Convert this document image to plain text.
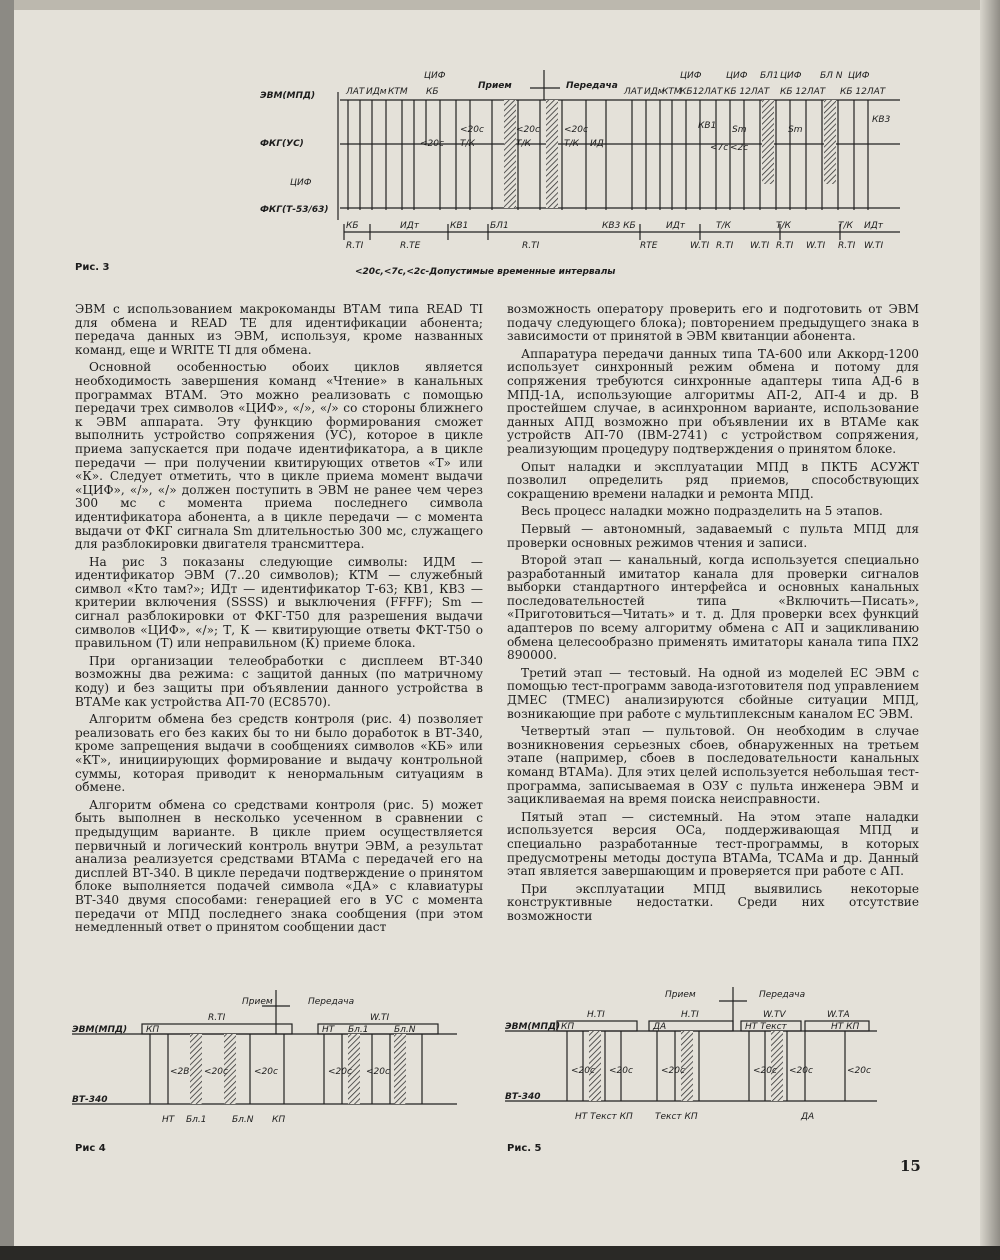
ЭВМ(МПД)
ФКГ(УС)
ФКГ(Т-53/63)
ЦИФ
ЛАТ ИДм КТМ
ЦИФ
КБ
Прием	Передача
ЛАТ ИДм
КТМ
КБ12ЛАТ
ЦИФ	ЦИФ
КБ 12ЛАТ
БЛ1 ЦИФ
КБ 12ЛАТ
БЛ N ЦИФ
КБ 12ЛАТ
<20с
<20с	<20с	<20с
<7с <2с
Т/К	Т/К	Т/К ИД
КВ1 Sm	Sm
КВ3
КБ	ИДт	КВ1 БЛ1	КВ3 КБ	ИДт	Т/К	Т/К	Т/К ИДт
R.TI	R.TE	R.TI	RTE	W.TI R.TI W.TI R.TI W.TI R.TI W.TI
<20с,<7с,<2с-Допустимые временные интервалы
Рис. 3

ЭВМ с использованием макрокоманды ВТАМ типа READ TI для обмена и READ TE для идентификации абонента; передача данных из ЭВМ, используя, кроме названных команд, еще и WRITE TI для обмена.

Основной особенностью обоих циклов является необходимость завершения команд «Чтение» в канальных программах ВТАМ. Это можно реализовать с помощью передачи трех символов «ЦИФ», «/», «/» со стороны ближнего к ЭВМ аппарата. Эту функцию формирования сможет выполнить устройство сопряжения (УС), которое в цикле приема запускается при подаче идентификатора, а в цикле передачи — при получении квитирующих ответов «Т» или «К». Следует отметить, что в цикле приема момент выдачи «ЦИФ», «/», «/» должен поступить в ЭВМ не ранее чем через 300 мс с момента приема последнего символа идентификатора абонента, а в цикле передачи — с момента выдачи от ФКГ сигнала Sm длительностью 300 мс, служащего для разблокировки двигателя трансмиттера.

На рис 3 показаны следующие символы: ИДМ — идентификатор ЭВМ (7..20 символов); КТМ — служебный символ «Кто там?»; ИДт — идентификатор Т-63; КВ1, КВ3 — критерии включения (SSSS) и выключения (FFFF); Sm — сигнал разблокировки от ФКГ-Т50 для разрешения выдачи символов «ЦИФ», «/»; Т, К — квитирующие ответы ФКТ-Т50 о правильном (Т) или неправильном (К) приеме блока.

При организации телеобработки с дисплеем ВТ-340 возможны два режима: с защитой данных (по матричному коду) и без защиты при объявлении данного устройства в ВТАМе как устройства АП-70 (ЕС8570).

Алгоритм обмена без средств контроля (рис. 4) позволяет реализовать его без каких бы то ни было доработок в ВТ-340, кроме запрещения выдачи в сообщениях символов «КБ» или «КТ», инициирующих формирование и выдачу контрольной суммы, которая приводит к ненормальным ситуациям в обмене.

Алгоритм обмена со средствами контроля (рис. 5) может быть выполнен в несколько усеченном в сравнении с предыдущим варианте. В цикле прием осуществляется первичный и логический контроль внутри ЭВМ, а результат анализа реализуется средствами ВТАМа с передачей его на дисплей ВТ-340. В цикле передачи подтверждение о принятом блоке выполняется подачей символа «ДА» с клавиатуры ВТ-340 двумя способами: генерацией его в УС с момента передачи от МПД последнего знака сообщения (при этом немедленный ответ о принятом сообщении даст

возможность оператору проверить его и подготовить от ЭВМ подачу следующего блока); повторением предыдущего знака в зависимости от принятой в ЭВМ квитанции абонента.

Аппаратура передачи данных типа ТА-600 или Аккорд-1200 использует синхронный режим обмена и потому для сопряжения требуются синхронные адаптеры типа АД-6 в МПД-1А, использующие алгоритмы АП-2, АП-4 и др. В простейшем случае, в асинхронном варианте, использование данных АПД возможно при объявлении их в ВТАМе как устройств АП-70 (IBM-2741) с устройством сопряжения, реализующим процедуру подтверждения о принятом блоке.

Опыт наладки и эксплуатации МПД в ПКТБ АСУЖТ позволил определить ряд приемов, способствующих сокращению времени наладки и ремонта МПД.

Весь процесс наладки можно подразделить на 5 этапов.

Первый — автономный, задаваемый с пульта МПД для проверки основных режимов чтения и записи.

Второй этап — канальный, когда используется специально разработанный имитатор канала для проверки сигналов выборки стандартного интерфейса и основных канальных последовательностей типа «Включить—Писать», «Приготовиться—Читать» и т. д. Для проверки всех функций адаптеров по всему алгоритму обмена с АП и зацикливанию обмена целесообразно применять имитаторы канала типа ПХ2 890000.

Третий этап — тестовый. На одной из моделей ЕС ЭВМ с помощью тест-программ завода-изготовителя под управлением ДМЕС (ТМЕС) анализируются сбойные ситуации МПД, возникающие при работе с мультиплексным каналом ЕС ЭВМ.

Четвертый этап — пультовой. Он необходим в случае возникновения серьезных сбоев, обнаруженных на третьем этапе (например, сбоев в последовательности канальных команд ВТАМа). Для этих целей используется небольшая тест-программа, записываемая в ОЗУ с пульта инженера ЭВМ и зацикливаемая на время поиска неисправности.

Пятый этап — системный. На этом этапе наладки используется версия ОСа, поддерживающая МПД и специально разработанные тест-программы, в которых предусмотрены методы доступа ВТАМа, ТСАМа и др. Данный этап является завершающим и проверяется при работе с АП.

При эксплуатации МПД выявились некоторые конструктивные недостатки. Среди них отсутствие возможности

Прием	Передача
ЭВМ(МПД)
ВТ-340
R.TI	W.TI
КП	НТ Бл.1	Бл.N
<2В <20с	<20с	<20с <20с
НТ Бл.1	Бл.N КП
Рис 4
Прием	Передача
ЭВМ(МПД)
ВТ-340
Н.ТI	Н.ТI	W.ТV	W.ТА
КП	ДА	НТ Текст	НТ КП
<20с <20с	<20с	<20с <20с	<20с
НТ Текст КП Текст КП	ДА
Рис. 5
15
